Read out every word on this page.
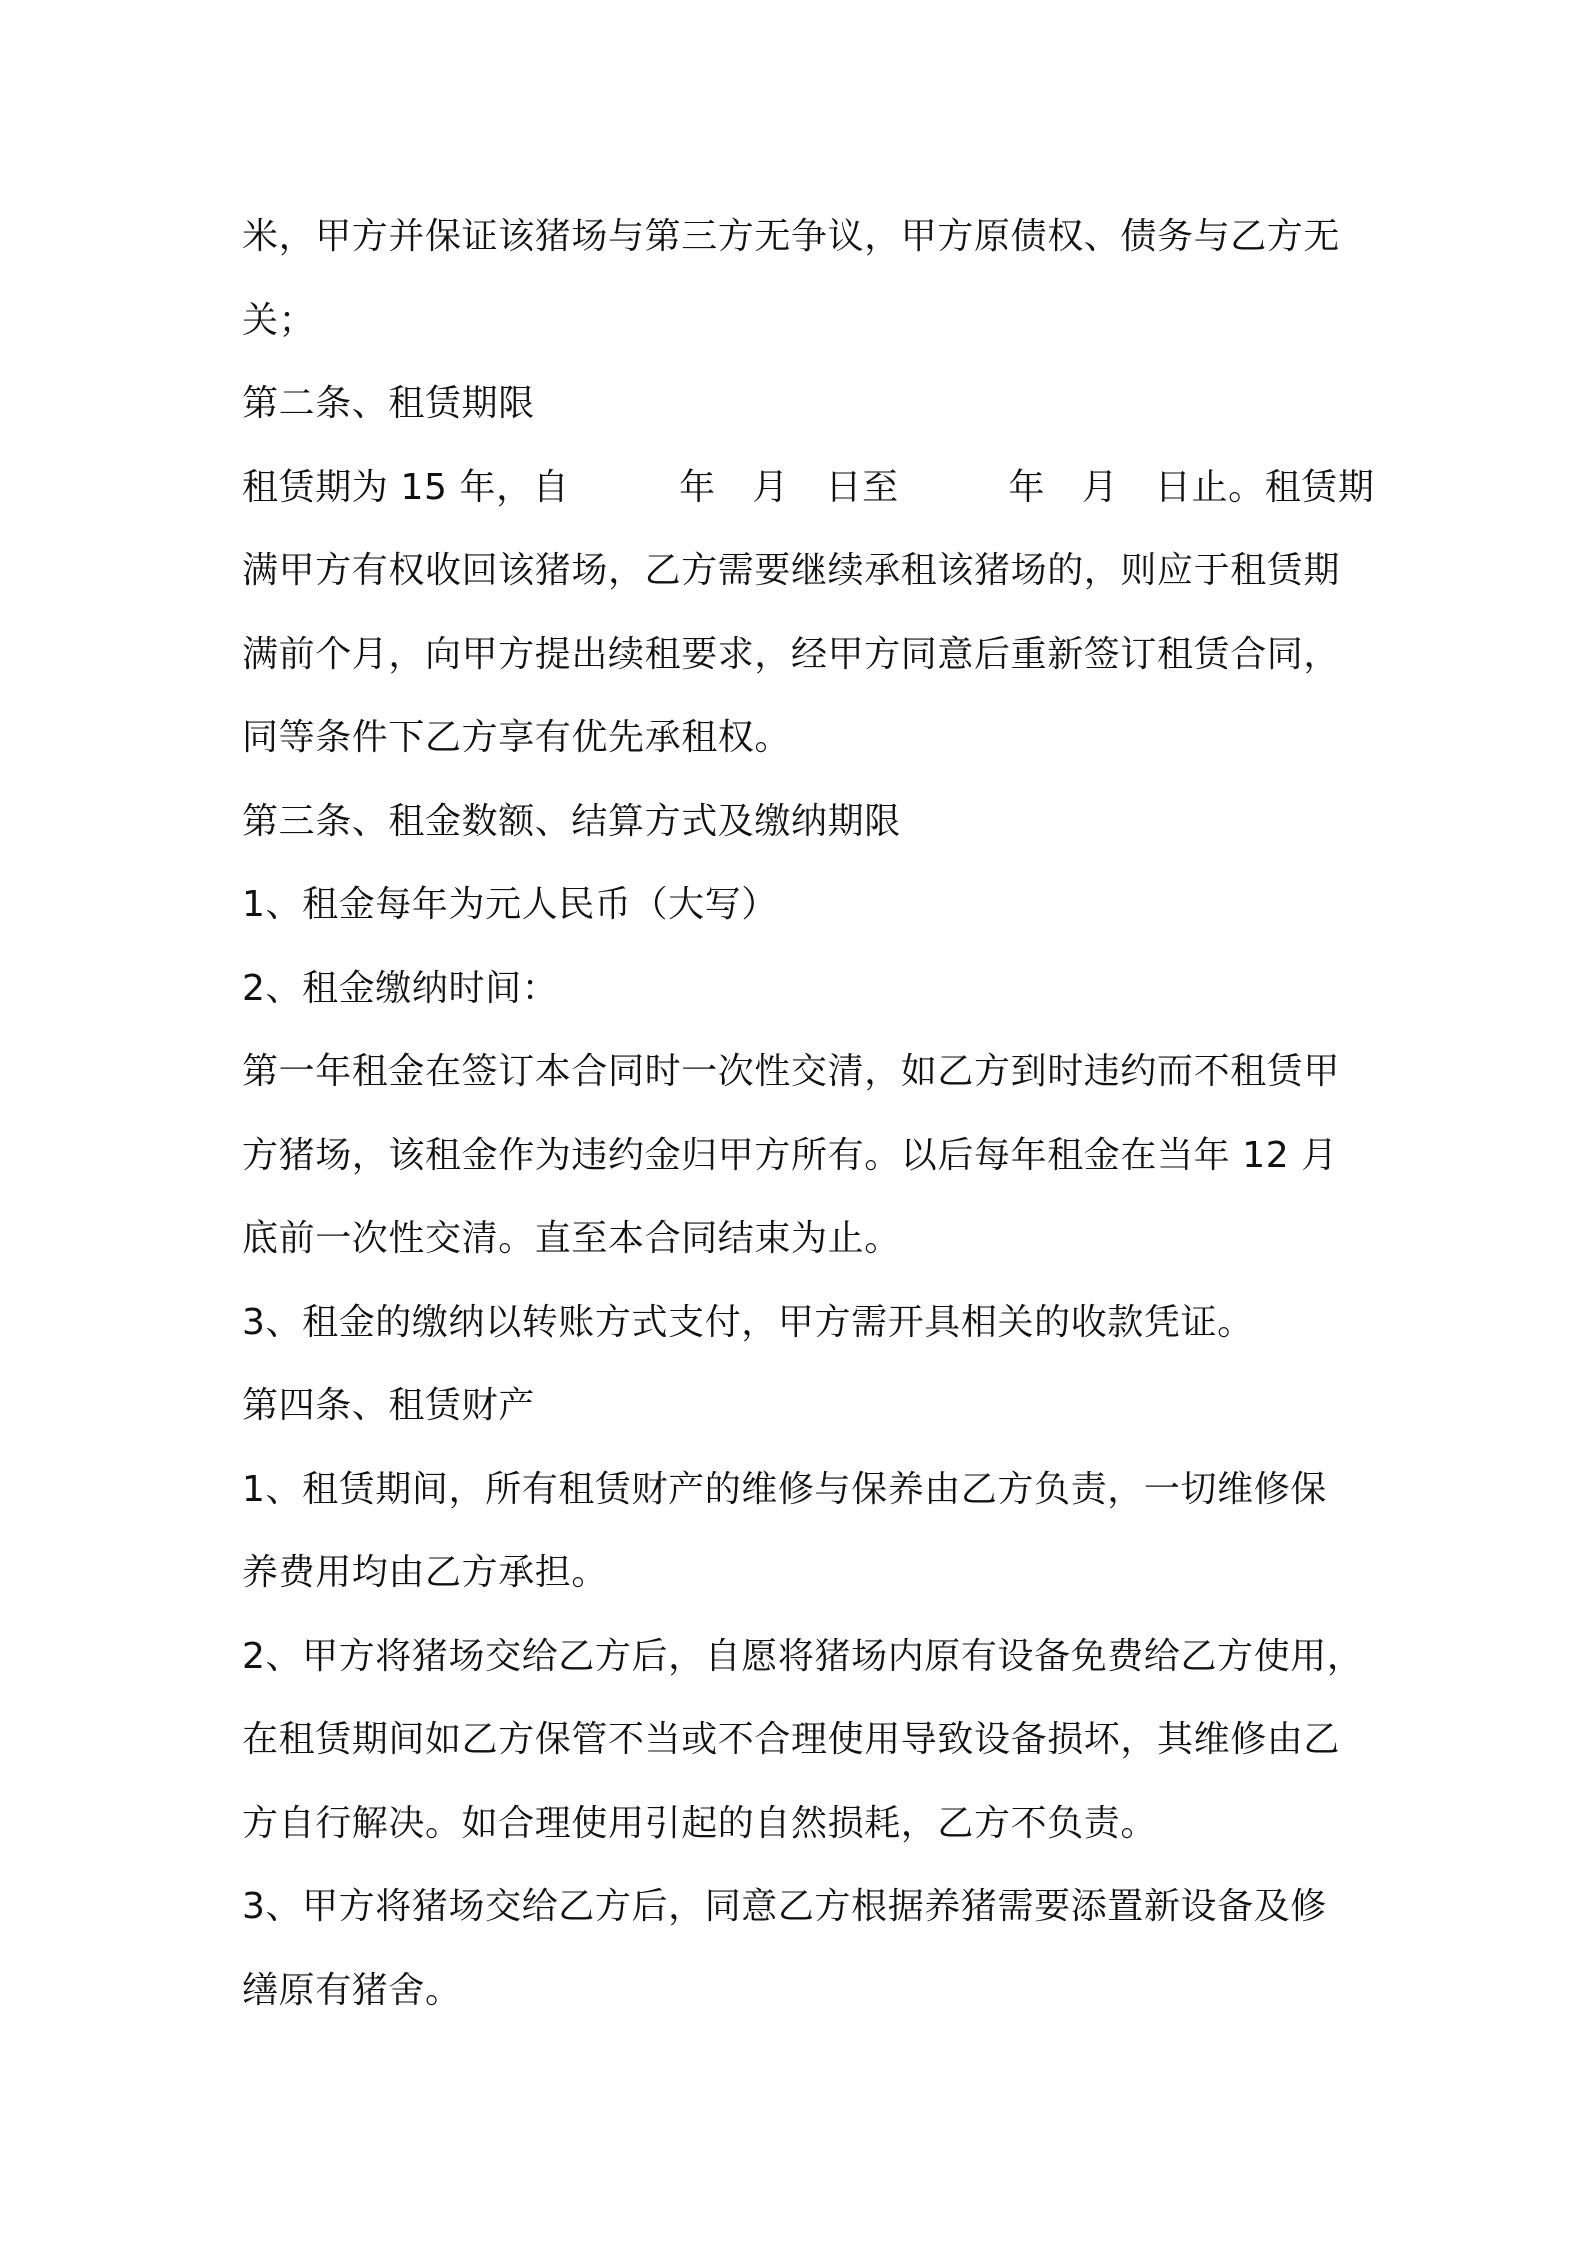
米，甲方并保证该猪场与第三方无争议，甲方原债权、债务与乙方无
关；
第二条、租赁期限
租赁期为 15 年，自　　　年　月　日至　　　年　月　日止。租赁期
满甲方有权收回该猪场，乙方需要继续承租该猪场的，则应于租赁期
满前个月，向甲方提出续租要求，经甲方同意后重新签订租赁合同，
同等条件下乙方享有优先承租权。
第三条、租金数额、结算方式及缴纳期限
1、租金每年为元人民币（大写）
2、租金缴纳时间：
第一年租金在签订本合同时一次性交清，如乙方到时违约而不租赁甲
方猪场，该租金作为违约金归甲方所有。以后每年租金在当年 12 月
底前一次性交清。直至本合同结束为止。
3、租金的缴纳以转账方式支付，甲方需开具相关的收款凭证。
第四条、租赁财产
1、租赁期间，所有租赁财产的维修与保养由乙方负责，一切维修保
养费用均由乙方承担。
2、甲方将猪场交给乙方后，自愿将猪场内原有设备免费给乙方使用，
在租赁期间如乙方保管不当或不合理使用导致设备损坏，其维修由乙
方自行解决。如合理使用引起的自然损耗，乙方不负责。
3、甲方将猪场交给乙方后，同意乙方根据养猪需要添置新设备及修
缮原有猪舍。
